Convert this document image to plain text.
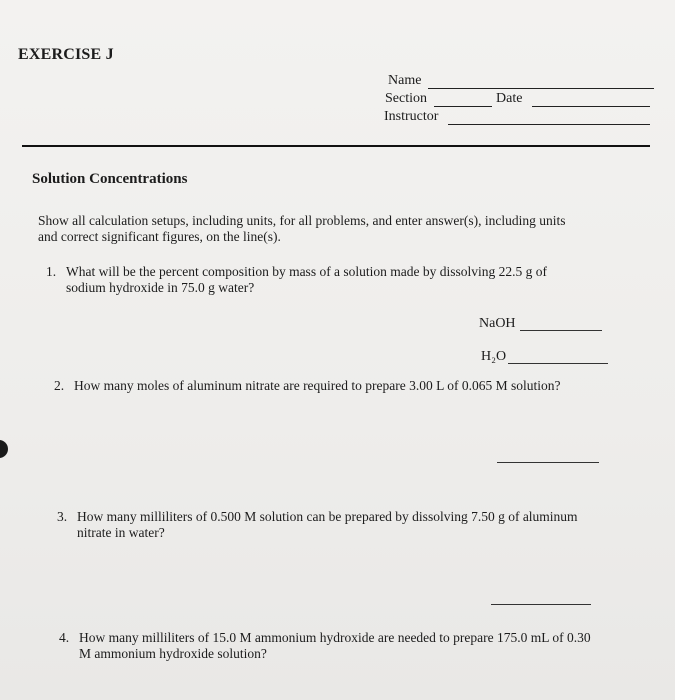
EXERCISE J
Name
Section	Date
Instructor
Solution Concentrations
Show all calculation setups, including units, for all problems, and enter answer(s), including units
and correct significant figures, on the line(s).
1. What will be the percent composition by mass of a solution made by dissolving 22.5 g of
sodium hydroxide in 75.0 g water?
NaOH
H₂O
2. How many moles of aluminum nitrate are required to prepare 3.00 L of 0.065 M solution?
3. How many milliliters of 0.500 M solution can be prepared by dissolving 7.50 g of aluminum
nitrate in water?
4. How many milliliters of 15.0 M ammonium hydroxide are needed to prepare 175.0 mL of 0.30
M ammonium hydroxide solution?
